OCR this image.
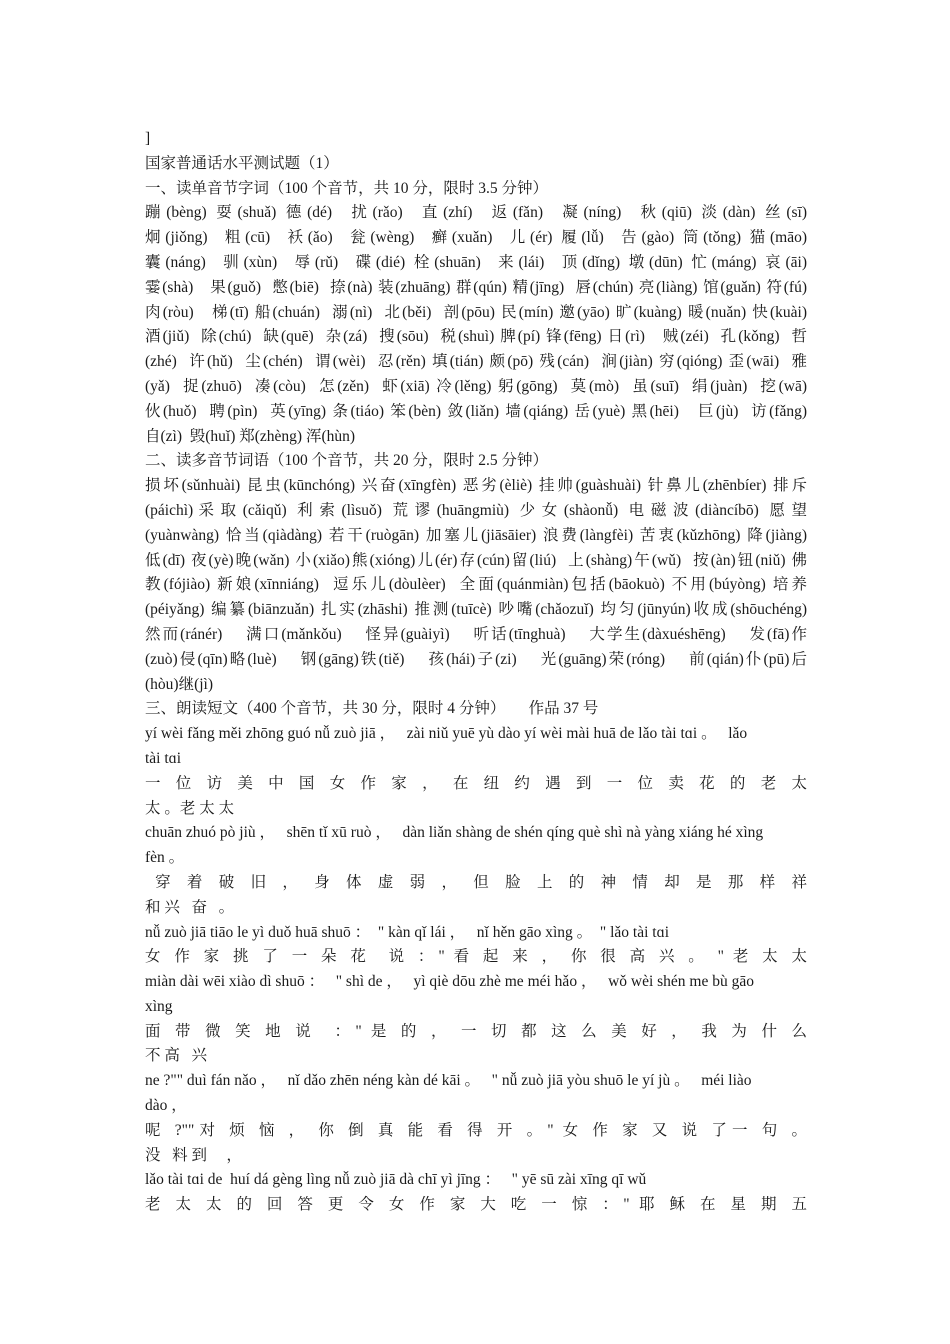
]
国家普通话水平测试题（1）
一、读单音节字词（100 个音节，共 10 分，限时 3.5 分钟）
蹦(bèng) 耍(shuǎ) 德(dé)  扰(rǎo)  直(zhí)  返(fǎn)  凝(níng)  秋(qiū) 淡(dàn) 丝(sī)
炯(jiǒng)  粗(cū)  袄(ǎo)  瓮(wèng)  癣(xuǎn)  儿(ér) 履(lǚ)  告(gào) 筒(tǒng) 猫(māo)
囊(náng)  驯(xùn)  辱(rǔ)  碟(dié) 栓(shuān)  来(lái)  顶(dǐng) 墩(dūn) 忙(máng) 哀(āi)
霎(shà)   果(guǒ)  憋(biē)  捺(nà) 装(zhuāng) 群(qún) 精(jīng)  唇(chún) 亮(liàng) 馆(guǎn) 符(fú)
肉(ròu)   梯(tī) 船(chuán)  溺(nì)  北(běi)  剖(pōu) 民(mín) 邀(yāo) 旷(kuàng) 暖(nuǎn) 快(kuài)
酒(jiǔ)  除(chú)  缺(quē)  杂(zá)  搜(sōu)  税(shuì) 脾(pí) 锋(fēng) 日(rì)   贼(zéi)  孔(kǒng)  哲
(zhé)  许(hǔ)  尘(chén)  谓(wèi)  忍(rěn) 填(tián) 颇(pō) 残(cán)  涧(jiàn) 穷(qióng) 歪(wāi)  雅
(yǎ)  捉(zhuō)  凑(còu)  怎(zěn)  虾(xiā) 冷(lěng) 躬(gōng)  莫(mò)  虽(suī)  绢(juàn)  挖(wā)
伙(huǒ)  聘(pìn)  英(yīng) 条(tiáo) 笨(bèn) 敛(liǎn) 墙(qiáng) 岳(yuè) 黑(hēi)   巨(jù)  访(fǎng)
自(zì)  毁(huǐ) 郑(zhèng) 浑(hùn)
二、读多音节词语（100 个音节，共 20 分，限时 2.5 分钟）
损坏(sǔnhuài) 昆虫(kūnchóng) 兴奋(xīngfèn) 恶劣(èliè) 挂帅(guàshuài) 针鼻儿(zhēnbíer) 排斥
(páichì) 采 取 (cǎiqǔ)  利 索 (lìsuǒ)  荒 谬 (huāngmiù)  少 女 (shàonǚ)  电 磁 波 (diàncíbō)  愿 望
(yuànwàng) 恰当(qiàdàng) 若干(ruògān) 加塞儿(jiāsāier) 浪费(làngfèi) 苦衷(kǔzhōng) 降(jiàng)
低(dī) 夜(yè)晚(wǎn) 小(xiǎo)熊(xióng)儿(ér)存(cún)留(liú)  上(shàng)午(wǔ)  按(àn)钮(niǔ) 佛
教(fójiào) 新娘(xīnniáng)  逗乐儿(dòulèer)  全面(quánmiàn)包括(bāokuò) 不用(búyòng) 培养
(péiyǎng) 编纂(biānzuǎn) 扎实(zhāshi) 推测(tuīcè) 吵嘴(chǎozuǐ) 均匀(jūnyún)收成(shōuchéng)
然而(ránér)    满口(mǎnkǒu)    怪异(guàiyì)    听话(tīnghuà)    大学生(dàxuéshēng)    发(fā)作
(zuò)侵(qīn)略(luè)    钢(gāng)铁(tiě)    孩(hái)子(zi)    光(guāng)荣(róng)    前(qián)仆(pū)后
(hòu)继(jì)
三、朗读短文（400 个音节，共 30 分，限时 4 分钟）      作品 37 号
yí wèi fǎng měi zhōng guó nǚ zuò jiā ，   zài niǔ yuē yù dào yí wèi mài huā de lǎo tài tɑi 。   lǎo
tài tɑi
一 位 访 美 中 国 女 作 家 ， 在 纽 约 遇 到 一 位 卖 花 的 老 太
太 。老 太 太
chuān zhuó pò jiù ，   shēn tǐ xū ruò ，   dàn liǎn shàng de shén qíng què shì nà yàng xiáng hé xìng
fèn 。
穿 着 破 旧 ， 身 体 虚 弱 ， 但 脸 上 的 神 情 却 是 那 样 祥
和 兴   奋   。
nǚ zuò jiā tiāo le yì duǒ huā shuō ：  " kàn qǐ lái ，   nǐ hěn gāo xìng 。  " lǎo tài tɑi
女 作 家 挑 了 一 朵 花  说 ：" 看 起 来 ， 你 很 高 兴 。 " 老 太 太
miàn dài wēi xiào dì shuō ：   " shì de ，   yì qiè dōu zhè me méi hǎo ，   wǒ wèi shén me bù gāo
xìng
面 带 微 笑 地 说  ：" 是 的 ， 一 切 都 这 么 美 好 ， 我 为 什 么
不 高   兴
ne ?"" duì fán nǎo ，   nǐ dǎo zhēn néng kàn dé kāi 。   " nǚ zuò jiā yòu shuō le yí jù 。   méi liào
dào ，
呢 ?""对 烦 恼 ， 你 倒 真 能 看 得 开 。" 女 作 家 又 说 了一 句 。
没   料 到     ，
lǎo tài tɑi de  huí dá gèng lìng nǚ zuò jiā dà chī yì jīng ：   " yē sū zài xīng qī wǔ
老 太 太 的 回 答 更 令 女 作 家 大 吃 一 惊 ：" 耶 稣 在 星 期 五
